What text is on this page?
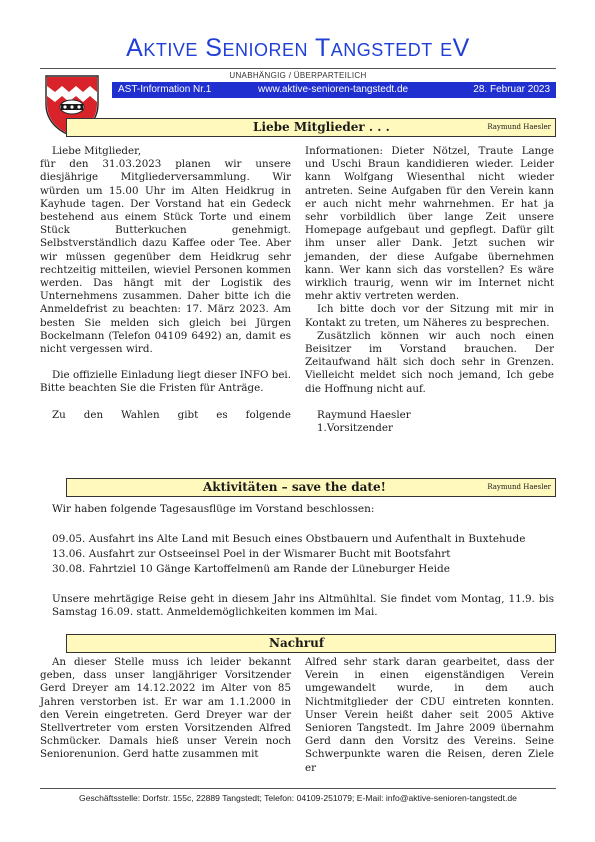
Aktive Senioren Tangstedt eV
UNABHÄNGIG / ÜBERPARTEILICH
AST-Information Nr.1	www.aktive-senioren-tangstedt.de	28. Februar 2023
Liebe Mitglieder . . .	Raymund Haesler

Liebe Mitglieder,

für den 31.03.2023 planen wir unsere diesjährige Mitgliederversammlung. Wir würden um 15.00 Uhr im Alten Heidkrug in Kayhude tagen. Der Vorstand hat ein Gedeck bestehend aus einem Stück Torte und einem Stück Butterkuchen genehmigt. Selbstverständlich dazu Kaffee oder Tee. Aber wir müssen gegenüber dem Heidkrug sehr rechtzeitig mitteilen, wieviel Personen kommen werden. Das hängt mit der Logistik des Unternehmens zusammen. Daher bitte ich die Anmeldefrist zu beachten: 17. März 2023. Am besten Sie melden sich gleich bei Jürgen Bockelmann (Telefon 04109 6492) an, damit es nicht vergessen wird.

Die offizielle Einladung liegt dieser INFO bei. Bitte beachten Sie die Fristen für Anträge.

Zu den Wahlen gibt es folgende

Informationen: Dieter Nötzel, Traute Lange und Uschi Braun kandidieren wieder. Leider kann Wolfgang Wiesenthal nicht wieder antreten. Seine Aufgaben für den Verein kann er auch nicht mehr wahrnehmen. Er hat ja sehr vorbildlich über lange Zeit unsere Homepage aufgebaut und gepflegt. Dafür gilt ihm unser aller Dank. Jetzt suchen wir jemanden, der diese Aufgabe übernehmen kann. Wer kann sich das vorstellen? Es wäre wirklich traurig, wenn wir im Internet nicht mehr aktiv vertreten werden.

Ich bitte doch vor der Sitzung mit mir in Kontakt zu treten, um Näheres zu besprechen.

Zusätzlich können wir auch noch einen Beisitzer im Vorstand brauchen. Der Zeitaufwand hält sich doch sehr in Grenzen. Vielleicht meldet sich noch jemand, Ich gebe die Hoffnung nicht auf.

Raymund Haesler

1.Vorsitzender

Aktivitäten – save the date!	Raymund Haesler
Wir haben folgende Tagesausflüge im Vorstand beschlossen:
09.05. Ausfahrt ins Alte Land mit Besuch eines Obstbauern und Aufenthalt in Buxtehude
13.06. Ausfahrt zur Ostseeinsel Poel in der Wismarer Bucht mit Bootsfahrt
30.08. Fahrtziel 10 Gänge Kartoffelmenü am Rande der Lüneburger Heide
Unsere mehrtägige Reise geht in diesem Jahr ins Altmühltal. Sie findet vom Montag, 11.9. bis Samstag 16.09. statt. Anmeldemöglichkeiten kommen im Mai.
Nachruf

An dieser Stelle muss ich leider bekannt geben, dass unser langjähriger Vorsitzender Gerd Dreyer am 14.12.2022 im Alter von 85 Jahren verstorben ist. Er war am 1.1.2000 in den Verein eingetreten. Gerd Dreyer war der Stellvertreter vom ersten Vorsitzenden Alfred Schmücker. Damals hieß unser Verein noch Seniorenunion. Gerd hatte zusammen mit

Alfred sehr stark daran gearbeitet, dass der Verein in einen eigenständigen Verein umgewandelt wurde, in dem auch Nichtmitglieder der CDU eintreten konnten. Unser Verein heißt daher seit 2005 Aktive Senioren Tangstedt. Im Jahre 2009 übernahm Gerd dann den Vorsitz des Vereins. Seine Schwerpunkte waren die Reisen, deren Ziele er

Geschäftsstelle: Dorfstr. 155c, 22889 Tangstedt; Telefon: 04109-251079; E-Mail: info@aktive-senioren-tangstedt.de
